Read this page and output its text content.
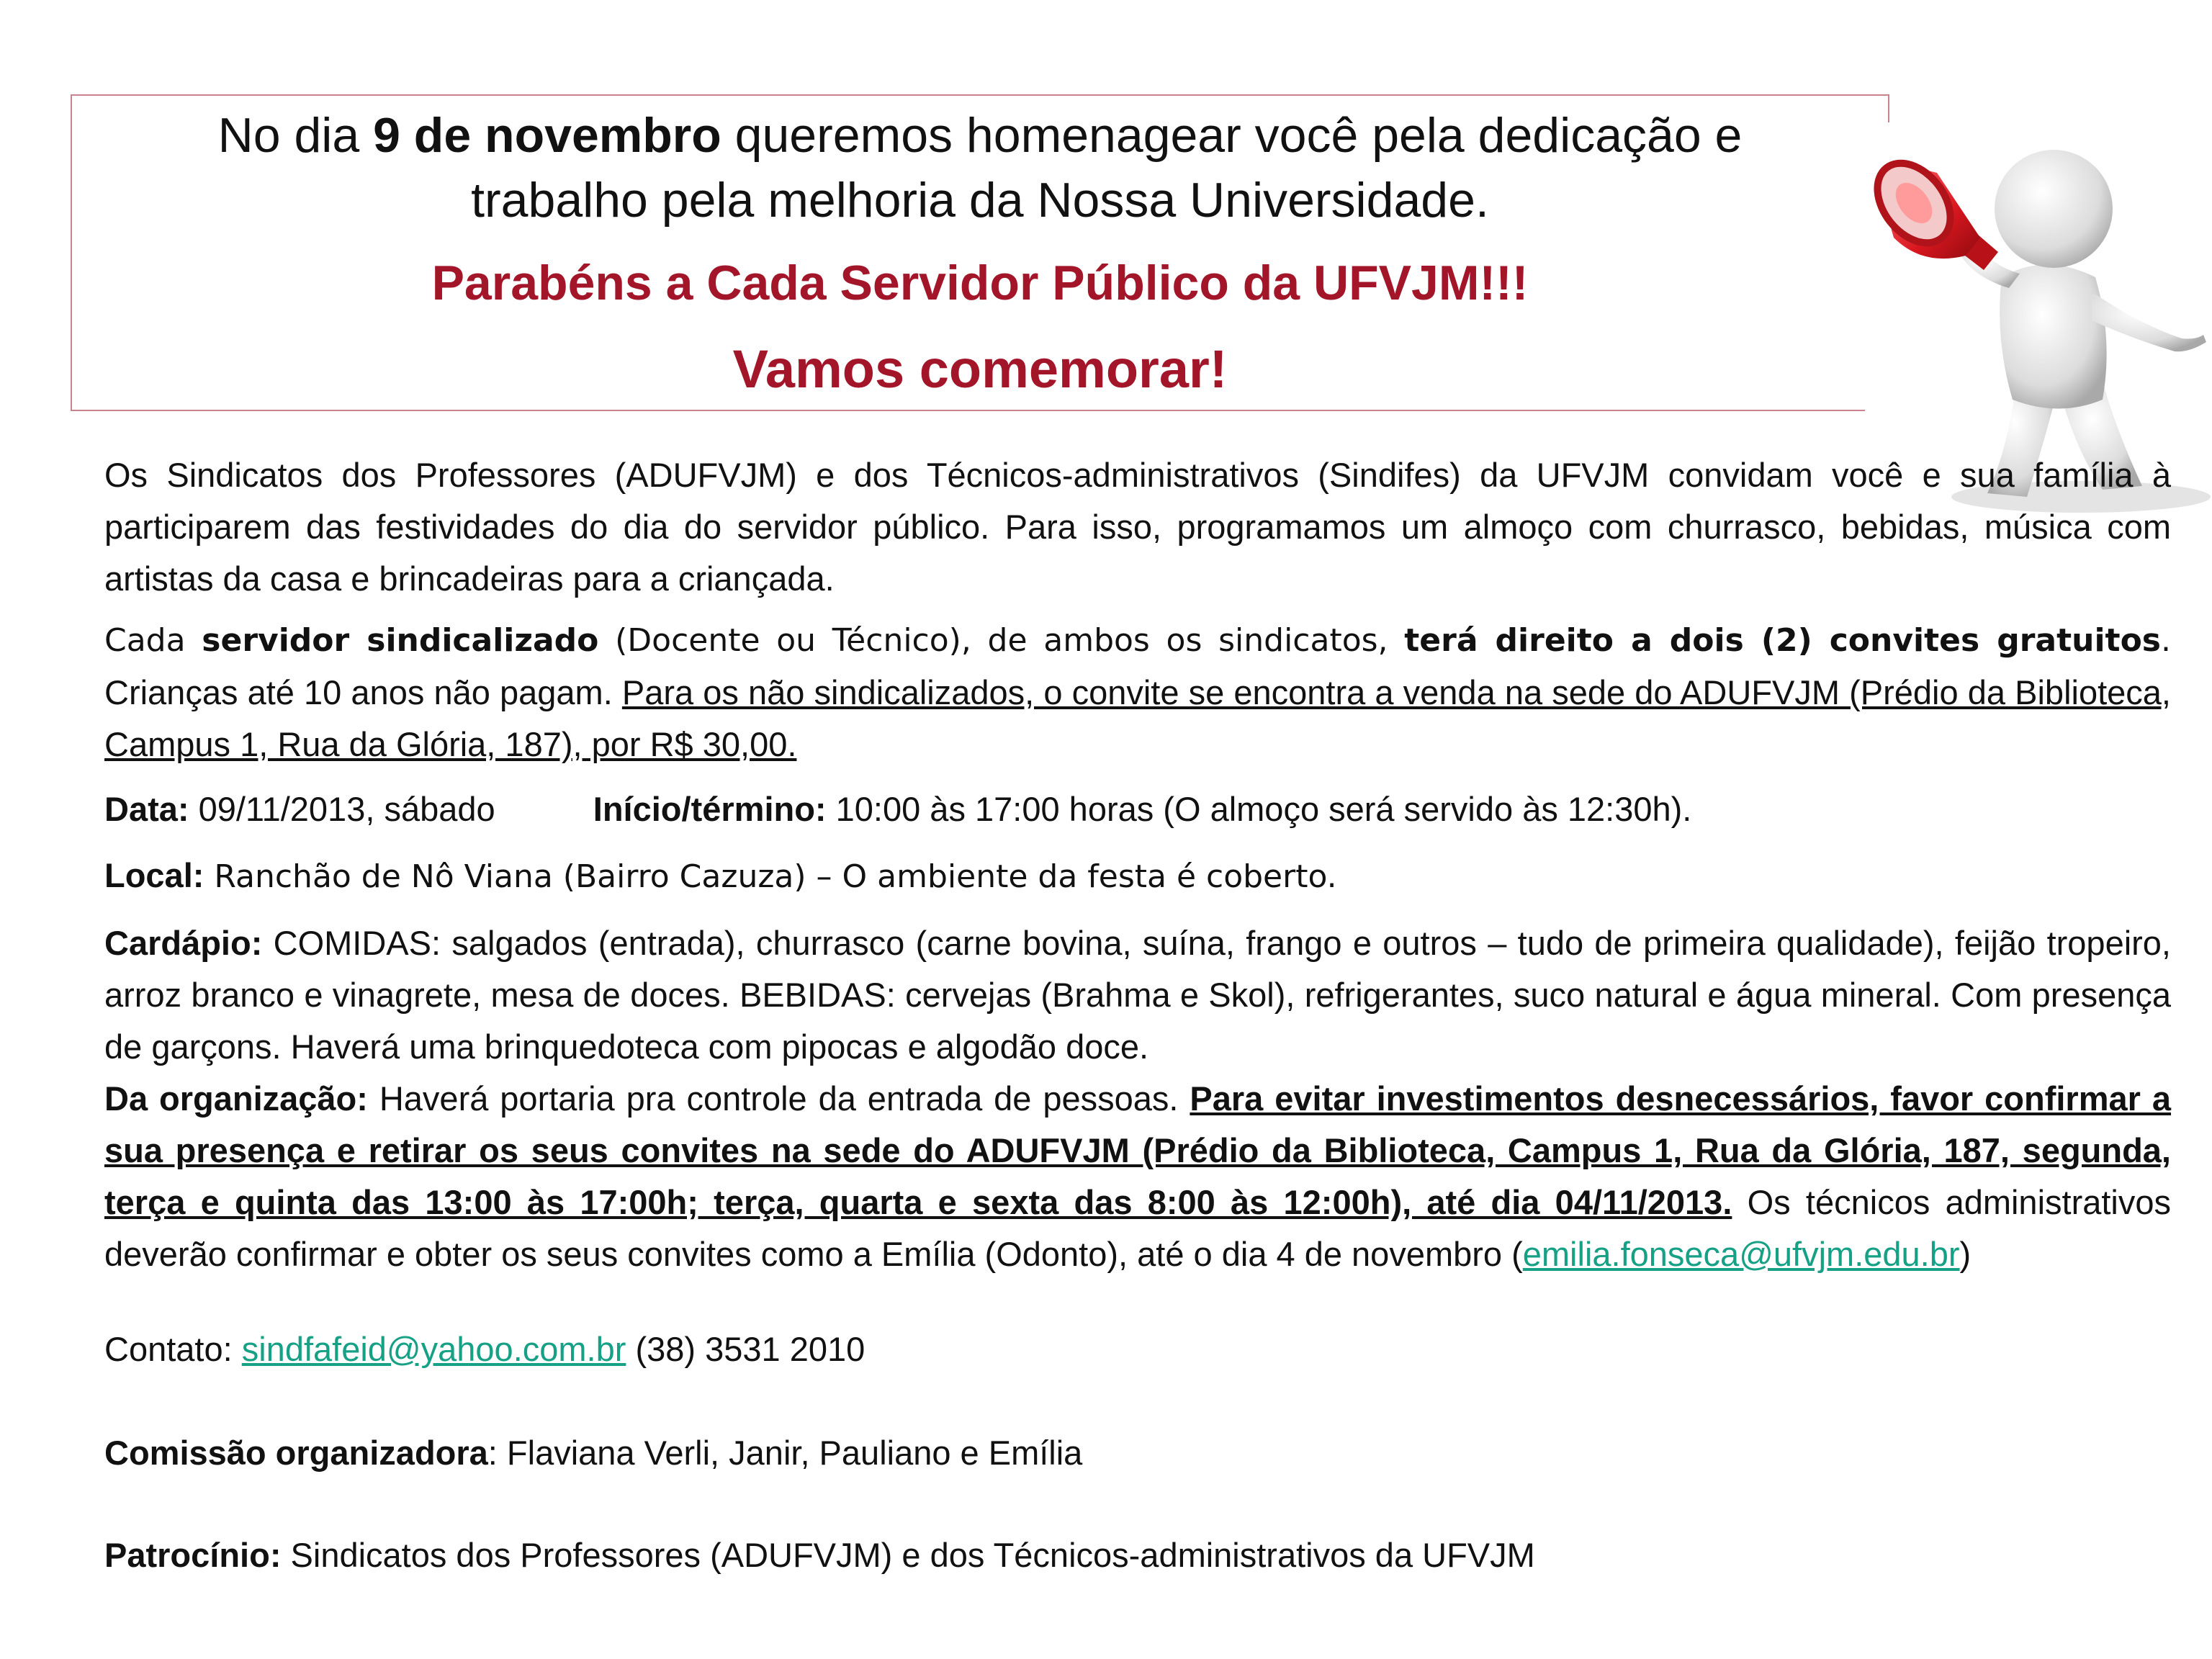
No dia 9 de novembro queremos homenagear você pela dedicação e
trabalho pela melhoria da Nossa Universidade.
Parabéns a Cada Servidor Público da UFVJM!!!
Vamos comemorar!
Os Sindicatos dos Professores (ADUFVJM) e dos Técnicos-administrativos (Sindifes) da UFVJM convidam você e sua família à participarem das festividades do dia do servidor público. Para isso, programamos um almoço com churrasco, bebidas, música com artistas da casa e brincadeiras para a criançada.
Cada servidor sindicalizado (Docente ou Técnico), de ambos os sindicatos, terá direito a dois (2) convites gratuitos. Crianças até 10 anos não pagam. Para os não sindicalizados, o convite se encontra a venda na sede do ADUFVJM (Prédio da Biblioteca, Campus 1, Rua da Glória, 187), por R$ 30,00.
Data: 09/11/2013, sábado	Início/término: 10:00 às 17:00 horas (O almoço será servido às 12:30h).
Local: Ranchão de Nô Viana (Bairro Cazuza) – O ambiente da festa é coberto.
Cardápio: COMIDAS: salgados (entrada), churrasco (carne bovina, suína, frango e outros – tudo de primeira qualidade), feijão tropeiro, arroz branco e vinagrete, mesa de doces. BEBIDAS: cervejas (Brahma e Skol), refrigerantes, suco natural e água mineral. Com presença de garçons. Haverá uma brinquedoteca com pipocas e algodão doce.
Da organização: Haverá portaria pra controle da entrada de pessoas. Para evitar investimentos desnecessários, favor confirmar a sua presença e retirar os seus convites na sede do ADUFVJM (Prédio da Biblioteca, Campus 1, Rua da Glória, 187, segunda, terça e quinta das 13:00 às 17:00h; terça, quarta e sexta das 8:00 às 12:00h), até dia 04/11/2013. Os técnicos administrativos deverão confirmar e obter os seus convites como a Emília (Odonto), até o dia 4 de novembro (emilia.fonseca@ufvjm.edu.br)
Contato: sindfafeid@yahoo.com.br (38) 3531 2010
Comissão organizadora: Flaviana Verli, Janir, Pauliano e Emília
Patrocínio: Sindicatos dos Professores (ADUFVJM) e dos Técnicos-administrativos da UFVJM
